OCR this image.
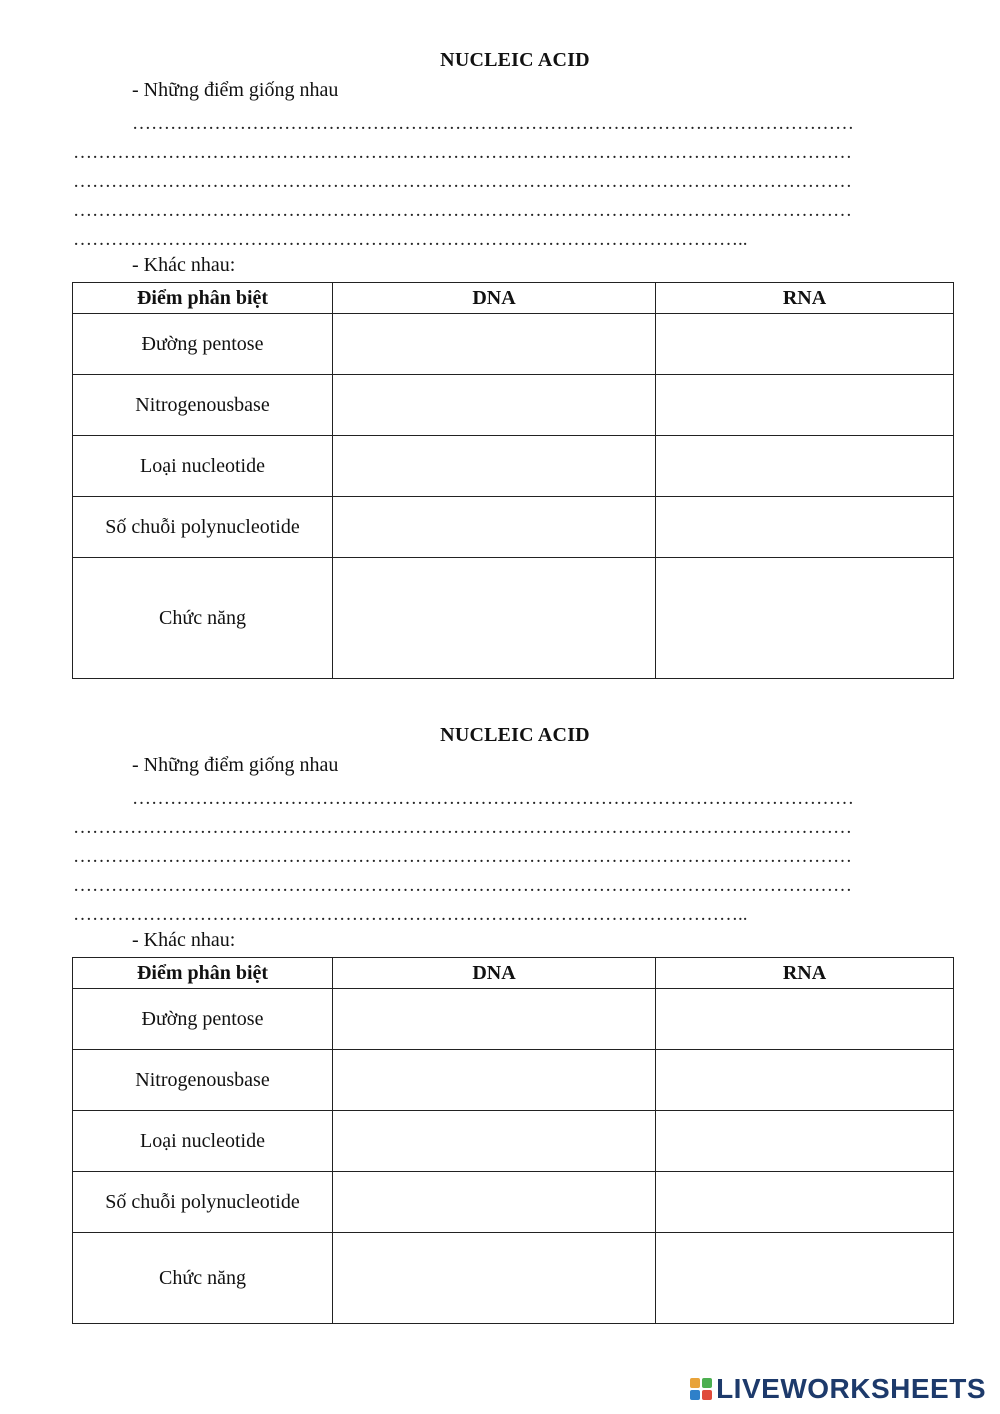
NUCLEIC ACID
- Những điểm giống nhau
……………………………………………………………………………………………………
……………………………………………………………………………………………………………
……………………………………………………………………………………………………………
……………………………………………………………………………………………………………
……………………………………………………………………………………………..
- Khác nhau:
Điểm phân biệt	DNA	RNA
Đường pentose		
Nitrogenousbase		
Loại nucleotide		
Số chuỗi polynucleotide		
Chức năng		
NUCLEIC ACID
- Những điểm giống nhau
……………………………………………………………………………………………………
……………………………………………………………………………………………………………
……………………………………………………………………………………………………………
……………………………………………………………………………………………………………
……………………………………………………………………………………………..
- Khác nhau:
Điểm phân biệt	DNA	RNA
Đường pentose		
Nitrogenousbase		
Loại nucleotide		
Số chuỗi polynucleotide		
Chức năng		
LIVEWORKSHEETS
